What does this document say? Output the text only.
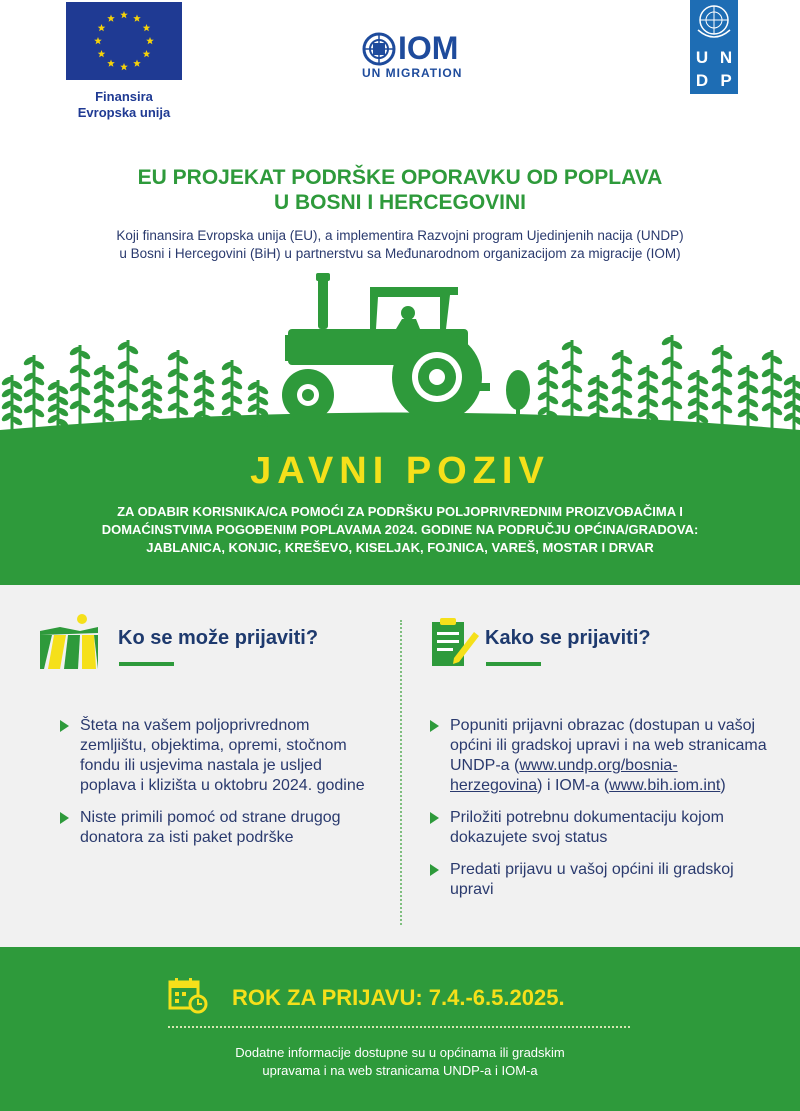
Finansira
Evropska unija
IOM
UN MIGRATION
U N
D P
EU PROJEKAT PODRŠKE OPORAVKU OD POPLAVA
U BOSNI I HERCEGOVINI
Koji finansira Evropska unija (EU), a implementira Razvojni program Ujedinjenih nacija (UNDP)
u Bosni i Hercegovini (BiH) u partnerstvu sa Međunarodnom organizacijom za migracije (IOM)
JAVNI POZIV
ZA ODABIR KORISNIKA/CA POMOĆI ZA PODRŠKU POLJOPRIVREDNIM PROIZVOĐAČIMA I
DOMAĆINSTVIMA POGOĐENIM POPLAVAMA 2024. GODINE NA PODRUČJU OPĆINA/GRADOVA:
JABLANICA, KONJIC, KREŠEVO, KISELJAK, FOJNICA, VAREŠ, MOSTAR I DRVAR
Ko se može prijaviti?
Šteta na vašem poljoprivrednom zemljištu, objektima, opremi, stočnom fondu ili usjevima nastala je usljed poplava i klizišta u oktobru 2024. godine
Niste primili pomoć od strane drugog donatora za isti paket podrške
Kako se prijaviti?
Popuniti prijavni obrazac (dostupan u vašoj općini ili gradskoj upravi i na web stranicama UNDP-a (www.undp.org/bosnia-herzegovina) i IOM-a (www.bih.iom.int)
Priložiti potrebnu dokumentaciju kojom dokazujete svoj status
Predati prijavu u vašoj općini ili gradskoj upravi
ROK ZA PRIJAVU: 7.4.-6.5.2025.
Dodatne informacije dostupne su u općinama ili gradskim
upravama i na web stranicama UNDP-a i IOM-a
